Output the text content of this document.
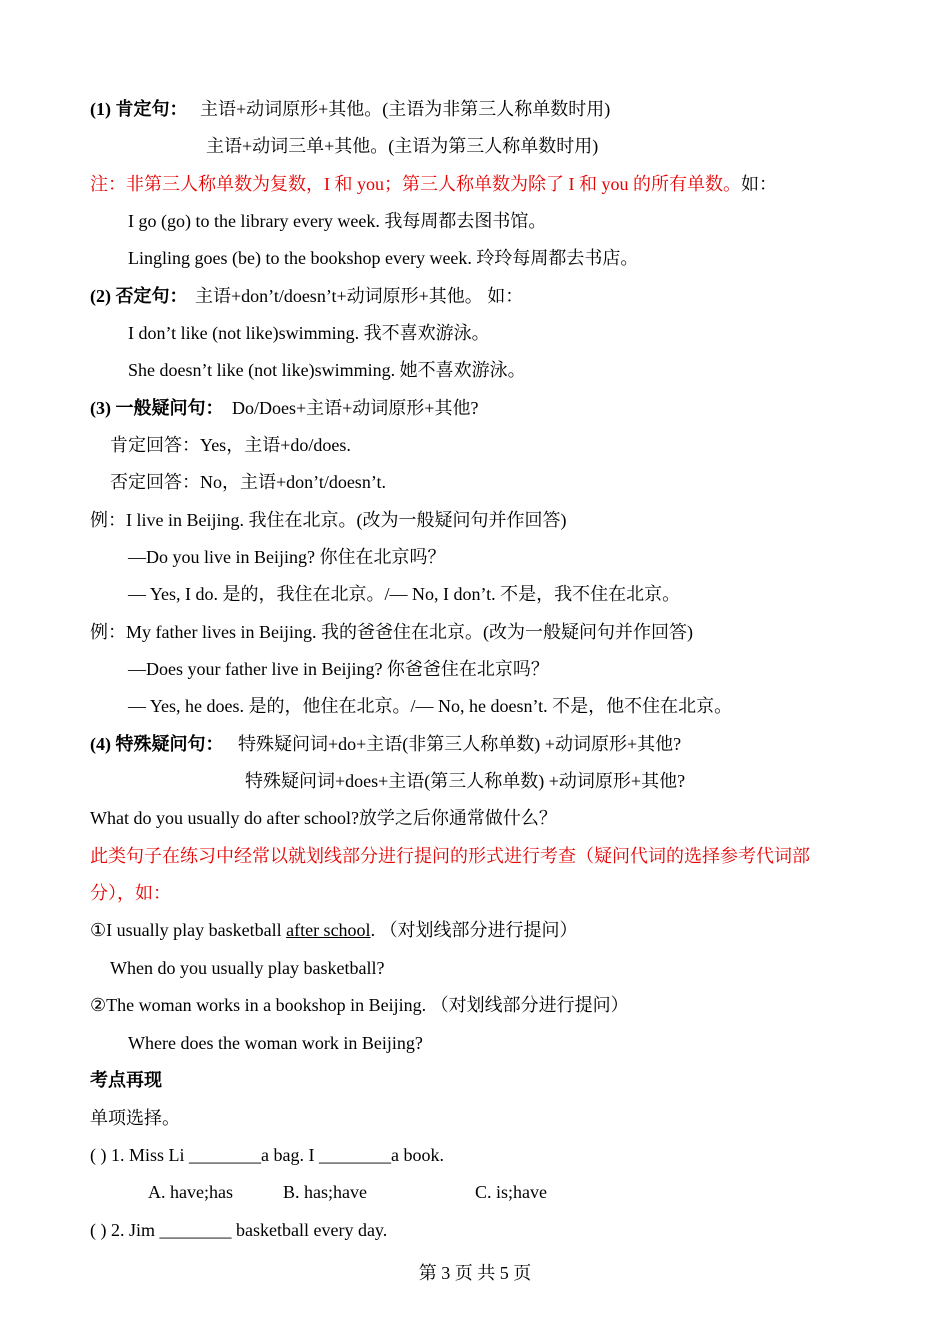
(1) 肯定句： 主语+动词原形+其他。(主语为非第三人称单数时用)
主语+动词三单+其他。(主语为第三人称单数时用)
注：非第三人称单数为复数，I 和 you；第三人称单数为除了 I 和 you 的所有单数。如：
I go (go) to the library every week. 我每周都去图书馆。
Lingling goes (be) to the bookshop every week. 玲玲每周都去书店。
(2) 否定句： 主语+don’t/doesn’t+动词原形+其他。 如：
I don’t like (not like)swimming. 我不喜欢游泳。
She doesn’t like (not like)swimming. 她不喜欢游泳。
(3) 一般疑问句： Do/Does+主语+动词原形+其他?
肯定回答：Yes，主语+do/does.
否定回答：No，主语+don’t/doesn’t.
例：I live in Beijing. 我住在北京。(改为一般疑问句并作回答)
—Do you live in Beijing? 你住在北京吗？
— Yes, I do. 是的，我住在北京。/— No, I don’t. 不是，我不住在北京。
例：My father lives in Beijing. 我的爸爸住在北京。(改为一般疑问句并作回答)
—Does your father live in Beijing? 你爸爸住在北京吗？
— Yes, he does. 是的，他住在北京。/— No, he doesn’t. 不是，他不住在北京。
(4) 特殊疑问句： 特殊疑问词+do+主语(非第三人称单数) +动词原形+其他?
特殊疑问词+does+主语(第三人称单数) +动词原形+其他?
What do you usually do after school?放学之后你通常做什么？
此类句子在练习中经常以就划线部分进行提问的形式进行考查（疑问代词的选择参考代词部
分），如：
①I usually play basketball after school. （对划线部分进行提问）
When do you usually play basketball?
②The woman works in a bookshop in Beijing. （对划线部分进行提问）
Where does the woman work in Beijing?
考点再现
单项选择。
( ) 1. Miss Li ________a bag. I ________a book.
A. have;has	B. has;have	C. is;have
( ) 2. Jim ________ basketball every day.
第 3 页 共 5 页
